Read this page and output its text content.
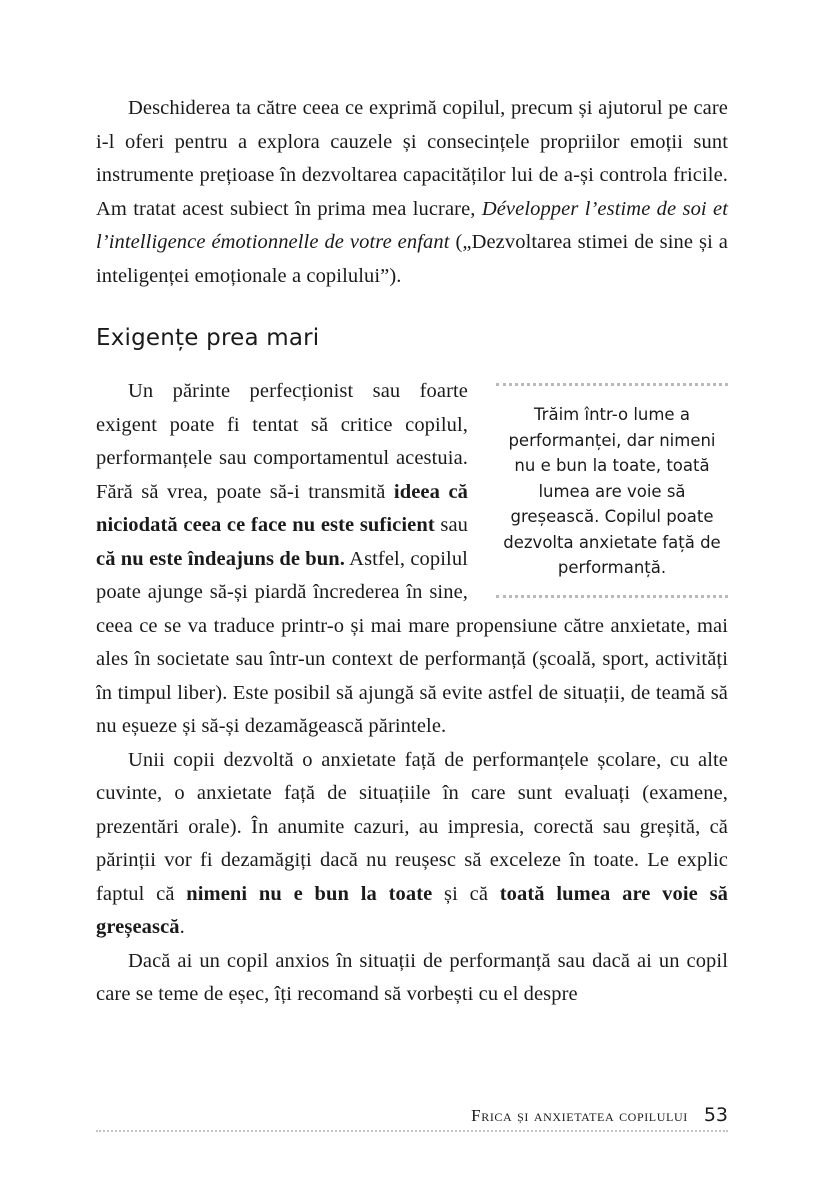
Deschiderea ta către ceea ce exprimă copilul, precum și ajutorul pe care i-l oferi pentru a explora cauzele și consecințele propriilor emoții sunt instrumente prețioase în dezvoltarea capacităților lui de a-și controla fricile. Am tratat acest subiect în prima mea lucrare, Développer l’estime de soi et l’intelligence émotionnelle de votre enfant („Dezvoltarea stimei de sine și a inteligenței emoționale a copilului”).

Exigențe prea mari
Trăim într-o lume a performanței, dar nimeni nu e bun la toate, toată lumea are voie să greșească. Copilul poate dezvolta anxietate față de performanță.

Un părinte perfecționist sau foarte exigent poate fi tentat să critice copilul, performanțele sau comportamentul acestuia. Fără să vrea, poate să-i transmită ideea că niciodată ceea ce face nu este suficient sau că nu este îndeajuns de bun. Astfel, copilul poate ajunge să-și piardă încrederea în sine, ceea ce se va traduce printr-o și mai mare propensiune către anxietate, mai ales în societate sau într-un context de performanță (școală, sport, activități în timpul liber). Este posibil să ajungă să evite astfel de situații, de teamă să nu eșueze și să-și dezamăgească părintele.

Unii copii dezvoltă o anxietate față de performanțele școlare, cu alte cuvinte, o anxietate față de situațiile în care sunt evaluați (examene, prezentări orale). În anumite cazuri, au impresia, corectă sau greșită, că părinții vor fi dezamăgiți dacă nu reușesc să exceleze în toate. Le explic faptul că nimeni nu e bun la toate și că toată lumea are voie să greșească.

Dacă ai un copil anxios în situații de performanță sau dacă ai un copil care se teme de eșec, îți recomand să vorbești cu el despre

Frica și anxietatea copilului 53
